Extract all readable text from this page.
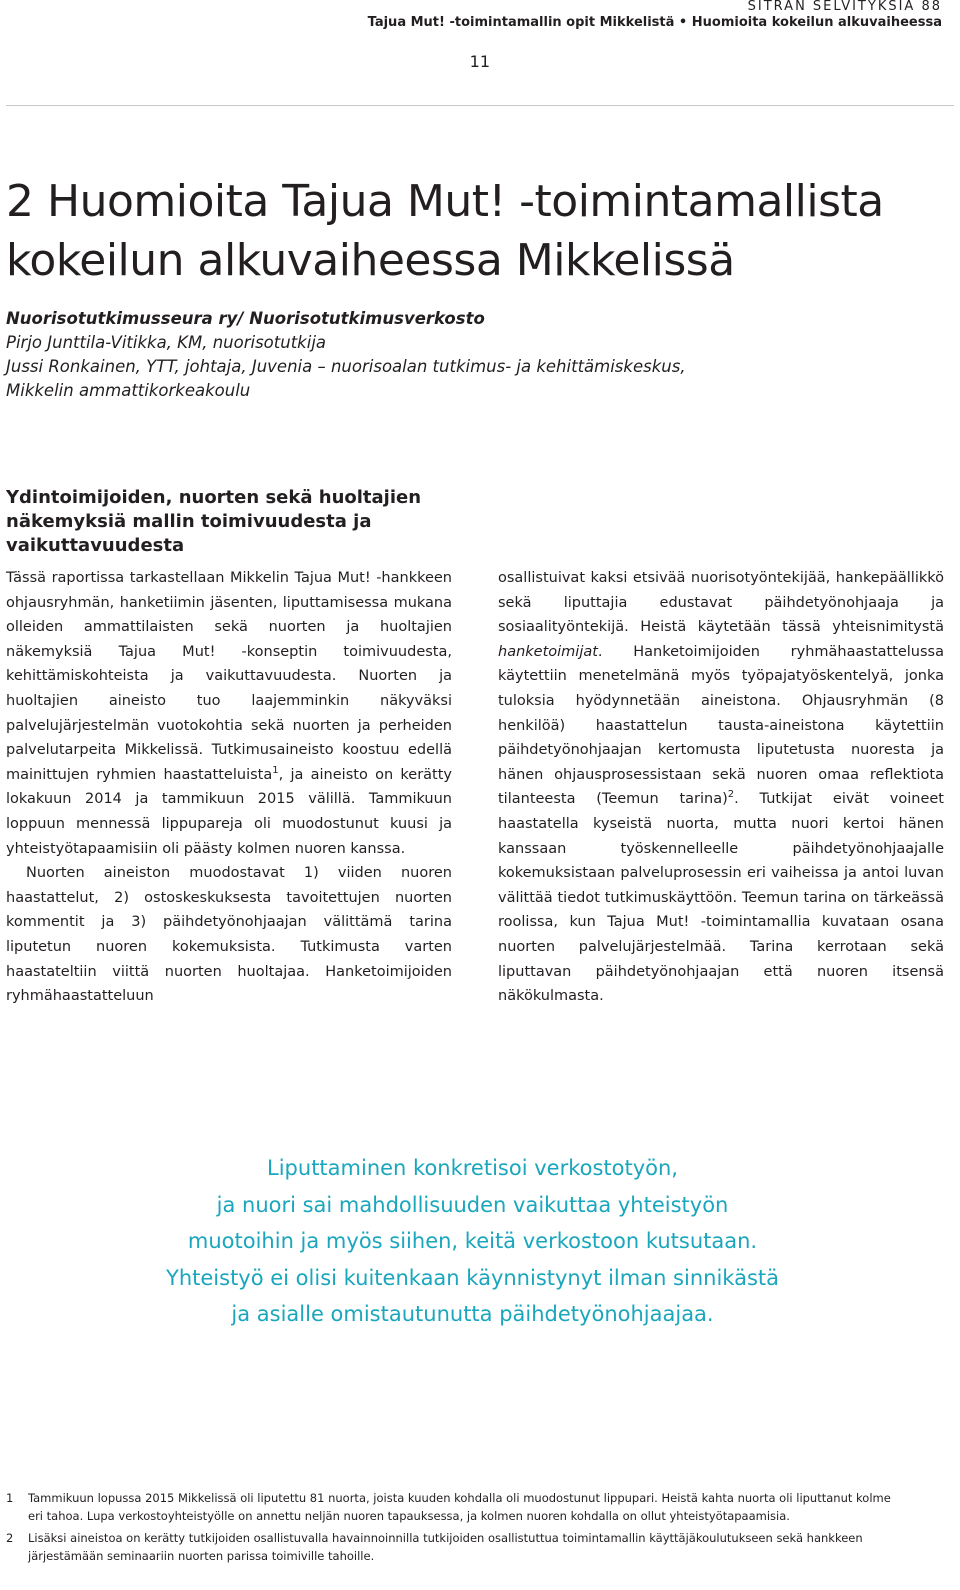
SITRAN SELVITYKSIÄ 88
Tajua Mut! -toimintamallin opit Mikkelistä • Huomioita kokeilun alkuvaiheessa
11
2 Huomioita Tajua Mut! -toimintamallista
kokeilun alkuvaiheessa Mikkelissä
Nuorisotutkimusseura ry/ Nuorisotutkimusverkosto
Pirjo Junttila-Vitikka, KM, nuorisotutkija
Jussi Ronkainen, YTT, johtaja, Juvenia – nuorisoalan tutkimus- ja kehittämiskeskus,
Mikkelin ammattikorkeakoulu
Ydintoimijoiden, nuorten sekä huoltajien
näkemyksiä mallin toimivuudesta ja
vaikuttavuudesta

Tässä raportissa tarkastellaan Mikkelin Tajua Mut! -hankkeen ohjausryhmän, hanketiimin jäsenten, liputtamisessa mukana olleiden ammattilaisten sekä nuorten ja huoltajien näkemyksiä Tajua Mut! -konseptin toimivuudesta, kehittämiskohteista ja vaikuttavuudesta. Nuorten ja huoltajien aineisto tuo laajemminkin näkyväksi palvelujärjestelmän vuotokohtia sekä nuorten ja perheiden palvelutarpeita Mikkelissä. Tutkimusaineisto koostuu edellä mainittujen ryhmien haastatteluista$^1$, ja aineisto on kerätty lokakuun 2014 ja tammikuun 2015 välillä. Tammikuun loppuun mennessä lippupareja oli muodostunut kuusi ja yhteistyötapaamisiin oli päästy kolmen nuoren kanssa.

Nuorten aineiston muodostavat 1) viiden nuoren haastattelut, 2) ostoskeskuksesta tavoitettujen nuorten kommentit ja 3) päihdetyönohjaajan välittämä tarina liputetun nuoren kokemuksista. Tutkimusta varten haastateltiin viittä nuorten huoltajaa. Hanketoimijoiden ryhmähaastatteluun

osallistuivat kaksi etsivää nuorisotyöntekijää, hankepäällikkö sekä liputtajia edustavat päihdetyönohjaaja ja sosiaalityöntekijä. Heistä käytetään tässä yhteisnimitystä hanketoimijat. Hanketoimijoiden ryhmähaastattelussa käytettiin menetelmänä myös työpajatyöskentelyä, jonka tuloksia hyödynnetään aineistona. Ohjausryhmän (8 henkilöä) haastattelun tausta-aineistona käytettiin päihdetyönohjaajan kertomusta liputetusta nuoresta ja hänen ohjausprosessistaan sekä nuoren omaa reflektiota tilanteesta (Teemun tarina)$^2$. Tutkijat eivät voineet haastatella kyseistä nuorta, mutta nuori kertoi hänen kanssaan työskennelleelle päihdetyönohjaajalle kokemuksistaan palveluprosessin eri vaiheissa ja antoi luvan välittää tiedot tutkimuskäyttöön. Teemun tarina on tärkeässä roolissa, kun Tajua Mut! -toimintamallia kuvataan osana nuorten palvelujärjestelmää. Tarina kerrotaan sekä liputtavan päihdetyönohjaajan että nuoren itsensä näkökulmasta.

Liputtaminen konkretisoi verkostotyön,
ja nuori sai mahdollisuuden vaikuttaa yhteistyön
muotoihin ja myös siihen, keitä verkostoon kutsutaan.
Yhteistyö ei olisi kuitenkaan käynnistynyt ilman sinnikästä
ja asialle omistautunutta päihdetyönohjaajaa.
1 Tammikuun lopussa 2015 Mikkelissä oli liputettu 81 nuorta, joista kuuden kohdalla oli muodostunut lippupari. Heistä kahta nuorta oli liputtanut kolme eri tahoa. Lupa verkostoyhteistyölle on annettu neljän nuoren tapauksessa, ja kolmen nuoren kohdalla on ollut yhteistyötapaamisia.
2 Lisäksi aineistoa on kerätty tutkijoiden osallistuvalla havainnoinnilla tutkijoiden osallistuttua toimintamallin käyttäjäkoulutukseen sekä hankkeen järjestämään seminaariin nuorten parissa toimiville tahoille.
